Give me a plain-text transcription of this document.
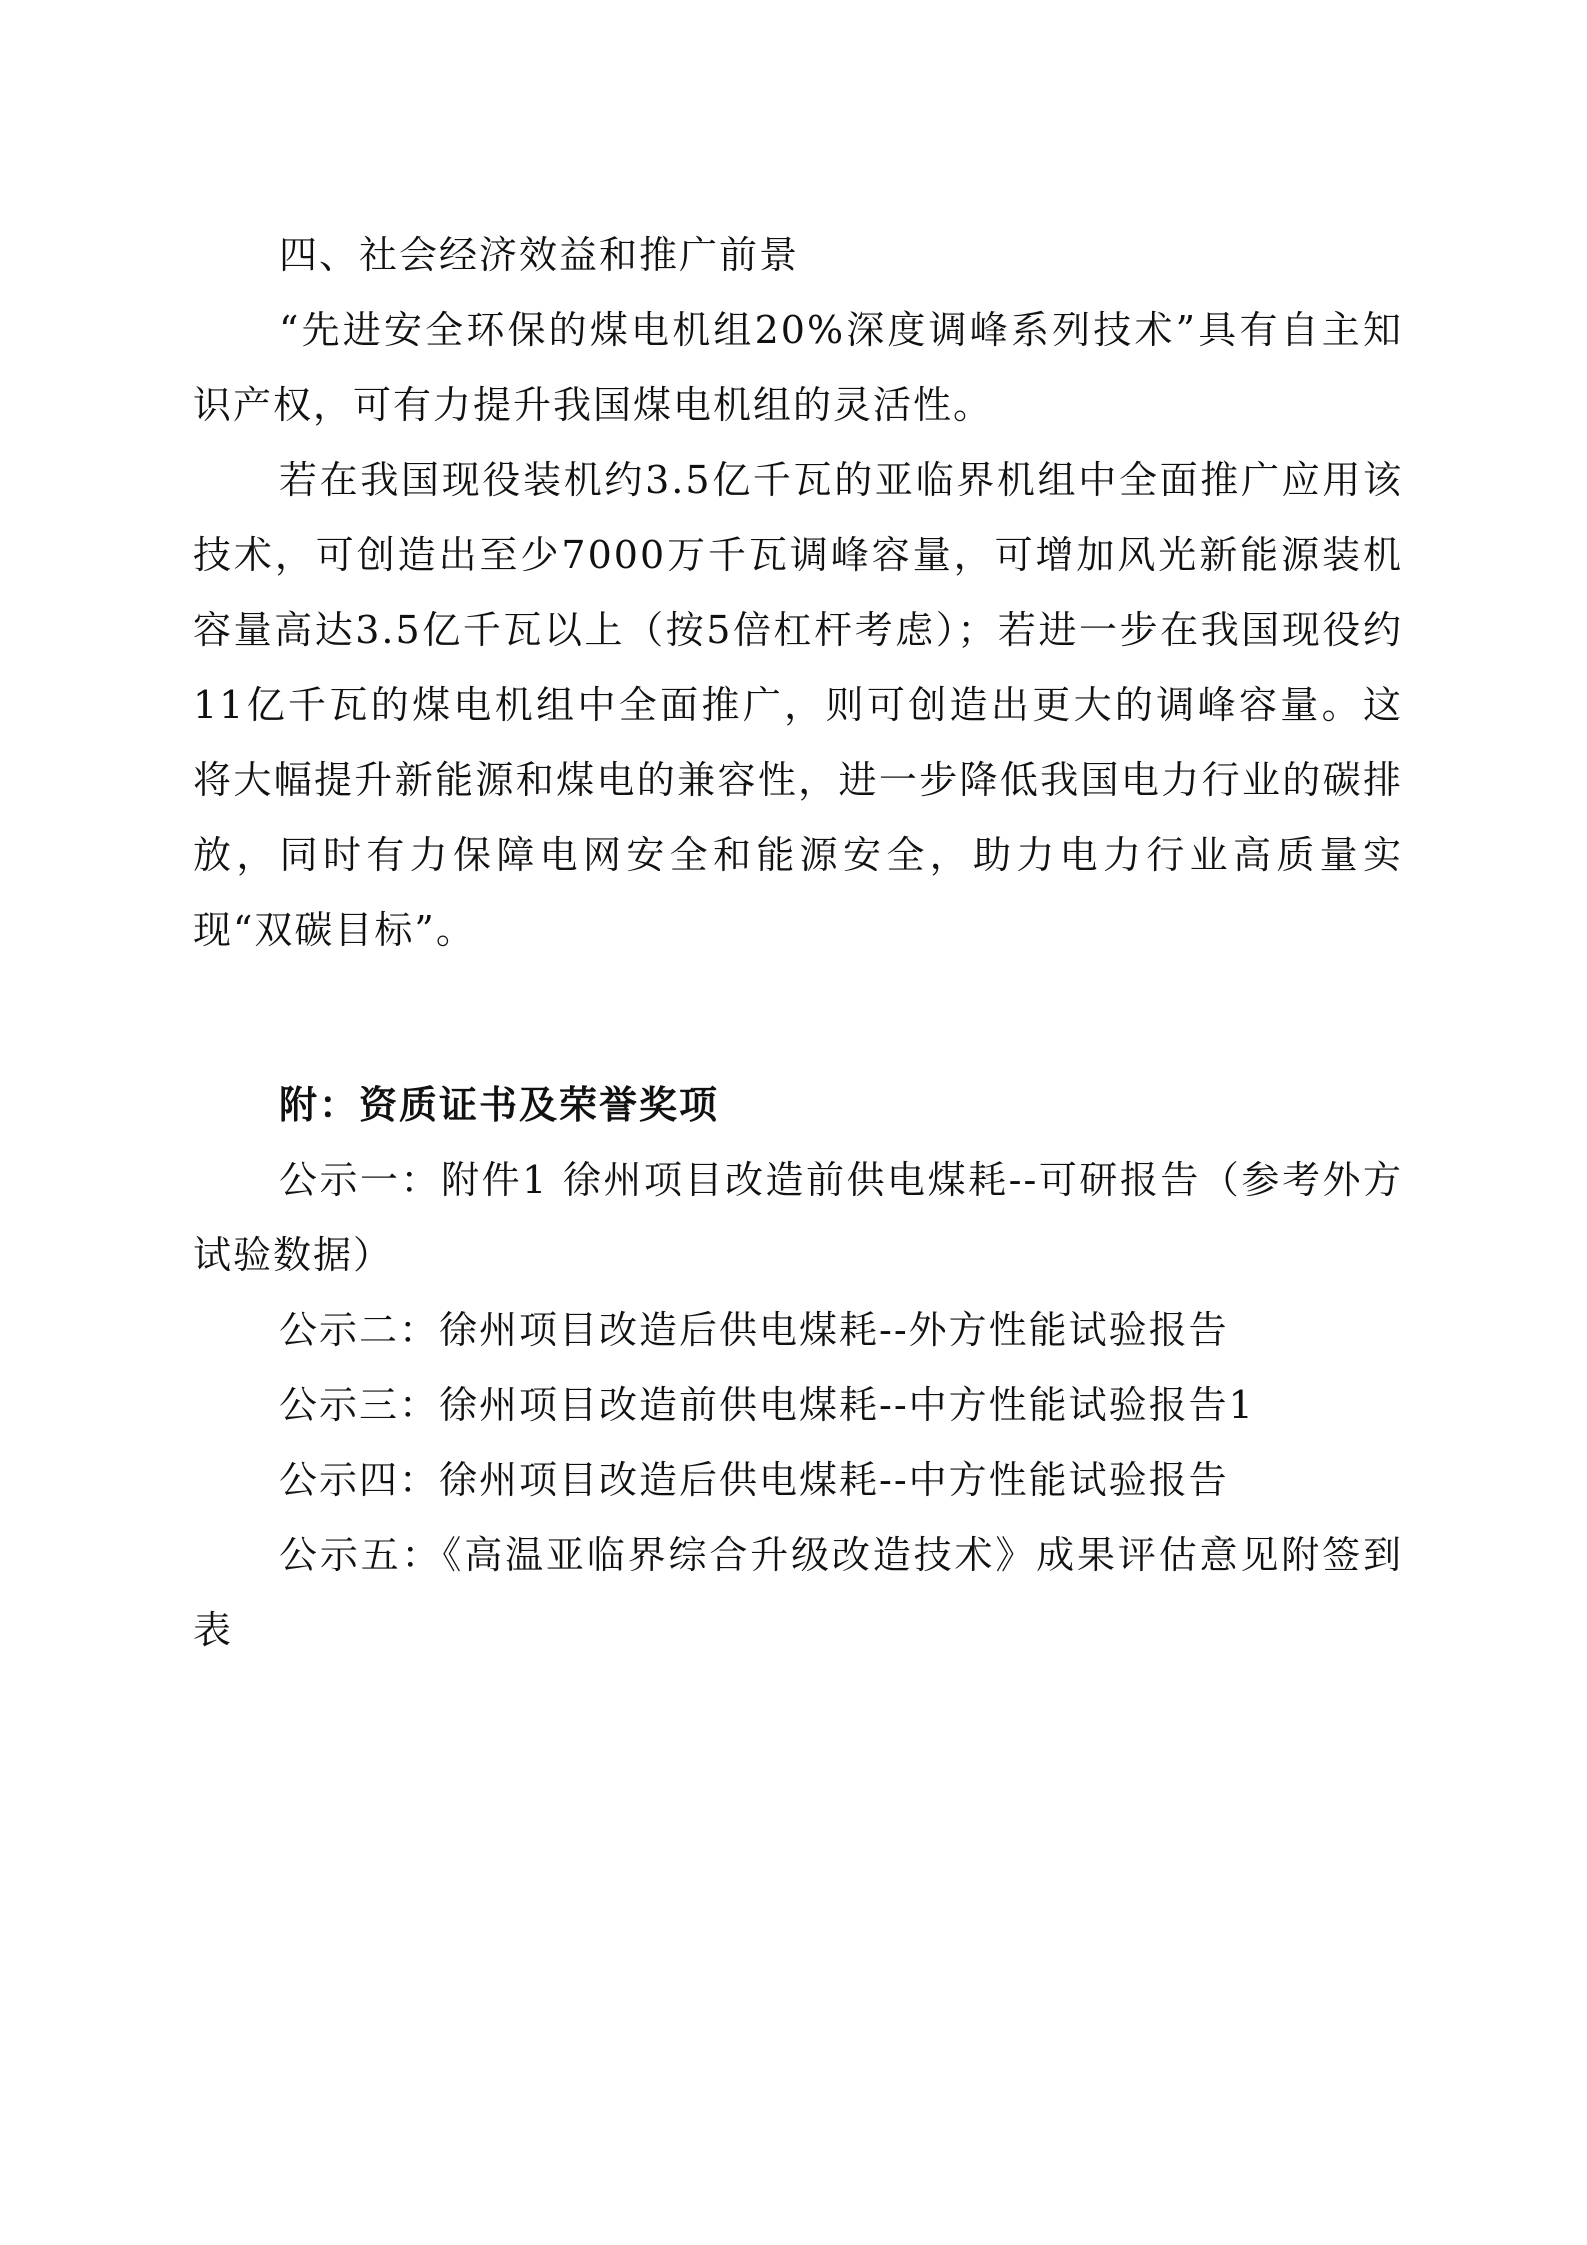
四、社会经济效益和推广前景

“先进安全环保的煤电机组20%深度调峰系列技术”具有自主知识产权，可有力提升我国煤电机组的灵活性。

若在我国现役装机约3.5亿千瓦的亚临界机组中全面推广应用该技术，可创造出至少7000万千瓦调峰容量，可增加风光新能源装机容量高达3.5亿千瓦以上（按5倍杠杆考虑）；若进一步在我国现役约11亿千瓦的煤电机组中全面推广，则可创造出更大的调峰容量。这将大幅提升新能源和煤电的兼容性，进一步降低我国电力行业的碳排放，同时有力保障电网安全和能源安全，助力电力行业高质量实现“双碳目标”。

附：资质证书及荣誉奖项

公示一：附件1 徐州项目改造前供电煤耗--可研报告（参考外方试验数据）

公示二：徐州项目改造后供电煤耗--外方性能试验报告

公示三：徐州项目改造前供电煤耗--中方性能试验报告1

公示四：徐州项目改造后供电煤耗--中方性能试验报告

公示五：《高温亚临界综合升级改造技术》成果评估意见附签到表
